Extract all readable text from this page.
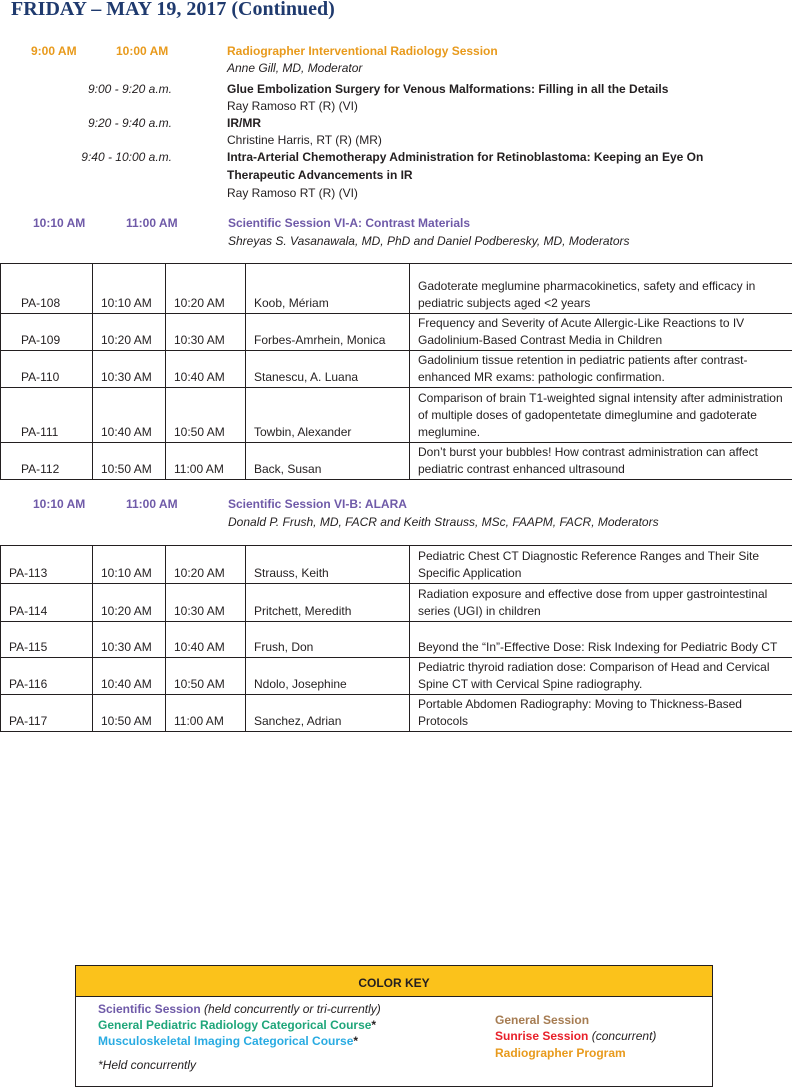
FRIDAY – MAY 19, 2017 (Continued)
9:00 AM	10:00 AM	Radiographer Interventional Radiology Session
Anne Gill, MD, Moderator
9:00 - 9:20 a.m.	Glue Embolization Surgery for Venous Malformations: Filling in all the Details
Ray Ramoso RT (R) (VI)
9:20 - 9:40 a.m.	IR/MR
Christine Harris, RT (R) (MR)
9:40 - 10:00 a.m.	Intra-Arterial Chemotherapy Administration for Retinoblastoma: Keeping an Eye On
Therapeutic Advancements in IR
Ray Ramoso RT (R) (VI)
10:10 AM	11:00 AM	Scientific Session VI-A: Contrast Materials
Shreyas S. Vasanawala, MD, PhD and Daniel Podberesky, MD, Moderators
PA-108	10:10 AM	10:20 AM	Koob, Mériam	Gadoterate meglumine pharmacokinetics, safety and efficacy in pediatric subjects aged <2 years
PA-109	10:20 AM	10:30 AM	Forbes-Amrhein, Monica	Frequency and Severity of Acute Allergic-Like Reactions to IV Gadolinium-Based Contrast Media in Children
PA-110	10:30 AM	10:40 AM	Stanescu, A. Luana	Gadolinium tissue retention in pediatric patients after contrast-enhanced MR exams: pathologic confirmation.
PA-111	10:40 AM	10:50 AM	Towbin, Alexander	Comparison of brain T1-weighted signal intensity after administration of multiple doses of gadopentetate dimeglumine and gadoterate meglumine.
PA-112	10:50 AM	11:00 AM	Back, Susan	Don’t burst your bubbles! How contrast administration can affect pediatric contrast enhanced ultrasound
10:10 AM	11:00 AM	Scientific Session VI-B: ALARA
Donald P. Frush, MD, FACR and Keith Strauss, MSc, FAAPM, FACR, Moderators
PA-113	10:10 AM	10:20 AM	Strauss, Keith	Pediatric Chest CT Diagnostic Reference Ranges and Their Site Specific Application
PA-114	10:20 AM	10:30 AM	Pritchett, Meredith	Radiation exposure and effective dose from upper gastrointestinal series (UGI) in children
PA-115	10:30 AM	10:40 AM	Frush, Don	Beyond the “In”-Effective Dose: Risk Indexing for Pediatric Body CT
PA-116	10:40 AM	10:50 AM	Ndolo, Josephine	Pediatric thyroid radiation dose: Comparison of Head and Cervical Spine CT with Cervical Spine radiography.
PA-117	10:50 AM	11:00 AM	Sanchez, Adrian	Portable Abdomen Radiography: Moving to Thickness-Based Protocols
COLOR KEY
Scientific Session (held concurrently or tri-currently)
General Pediatric Radiology Categorical Course*
Musculoskeletal Imaging Categorical Course*
*Held concurrently
General Session
Sunrise Session (concurrent)
Radiographer Program
